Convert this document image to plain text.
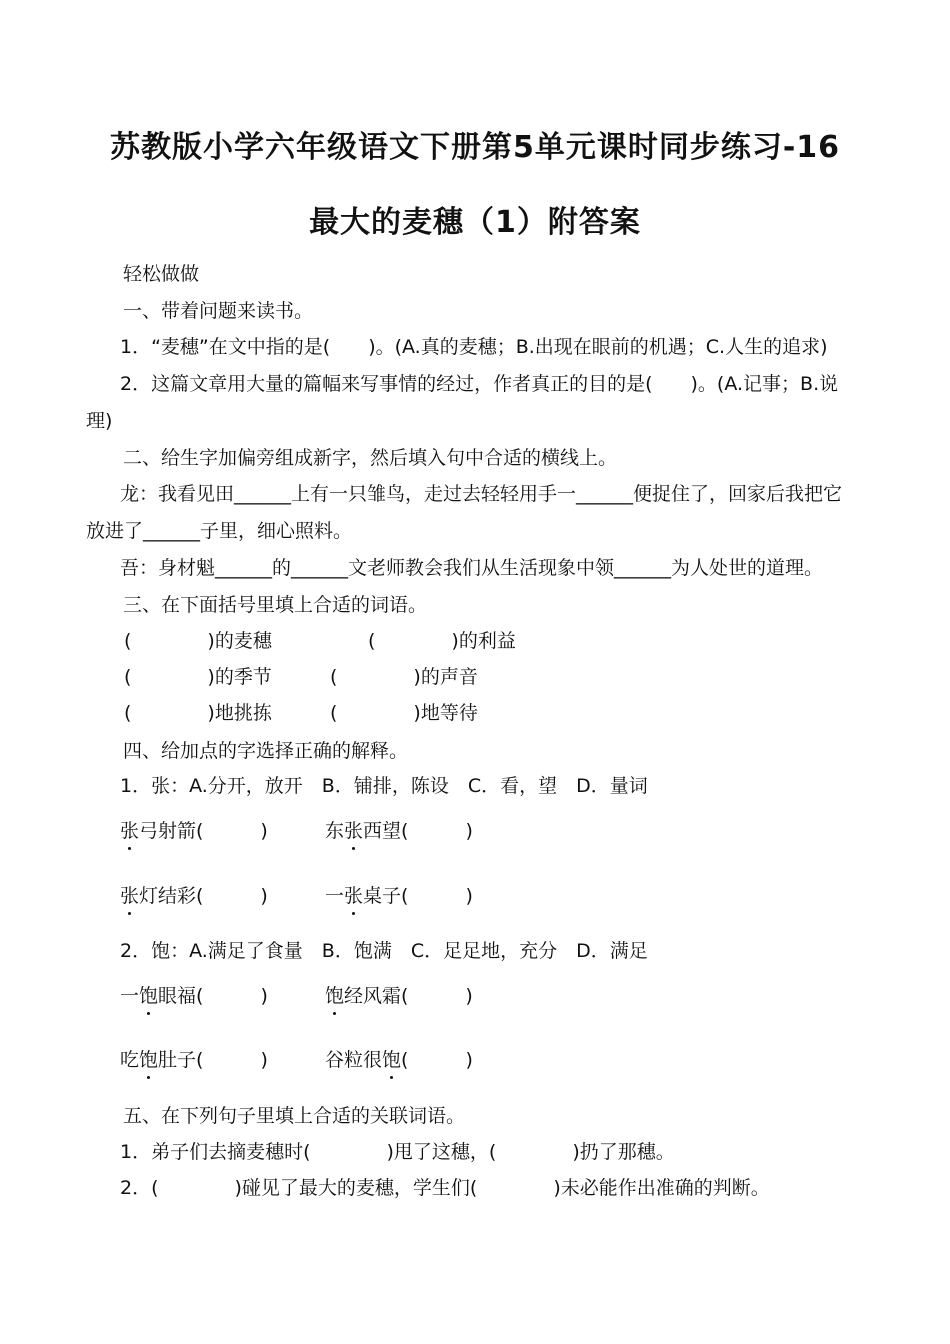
苏教版小学六年级语文下册第5单元课时同步练习-16
最大的麦穗（1）附答案
轻松做做
一、带着问题来读书。
1．“麦穗”在文中指的是(　　)。(A.真的麦穗；B.出现在眼前的机遇；C.人生的追求)
2．这篇文章用大量的篇幅来写事情的经过，作者真正的目的是(　　)。(A.记事；B.说
理)
二、给生字加偏旁组成新字，然后填入句中合适的横线上。
龙：我看见田______上有一只雏鸟，走过去轻轻用手一______便捉住了，回家后我把它
放进了______子里，细心照料。
吾：身材魁______的______文老师教会我们从生活现象中领______为人处世的道理。
三、在下面括号里填上合适的词语。
(　　　　)的麦穗	(　　　　)的利益
(　　　　)的季节	(　　　　)的声音
(　　　　)地挑拣	(　　　　)地等待
四、给加点的字选择正确的解释。
1．张：A.分开，放开　B．铺排，陈设　C．看，望　D．量词
张弓射箭(　　　)	东张西望(　　　)
张灯结彩(　　　)	一张桌子(　　　)
2．饱：A.满足了食量　B．饱满　C．足足地，充分　D．满足
一饱眼福(　　　)	饱经风霜(　　　)
吃饱肚子(　　　)	谷粒很饱(　　　)
五、在下列句子里填上合适的关联词语。
1．弟子们去摘麦穗时(　　　　)甩了这穗，(　　　　)扔了那穗。
2．(　　　　)碰见了最大的麦穗，学生们(　　　　)未必能作出准确的判断。
